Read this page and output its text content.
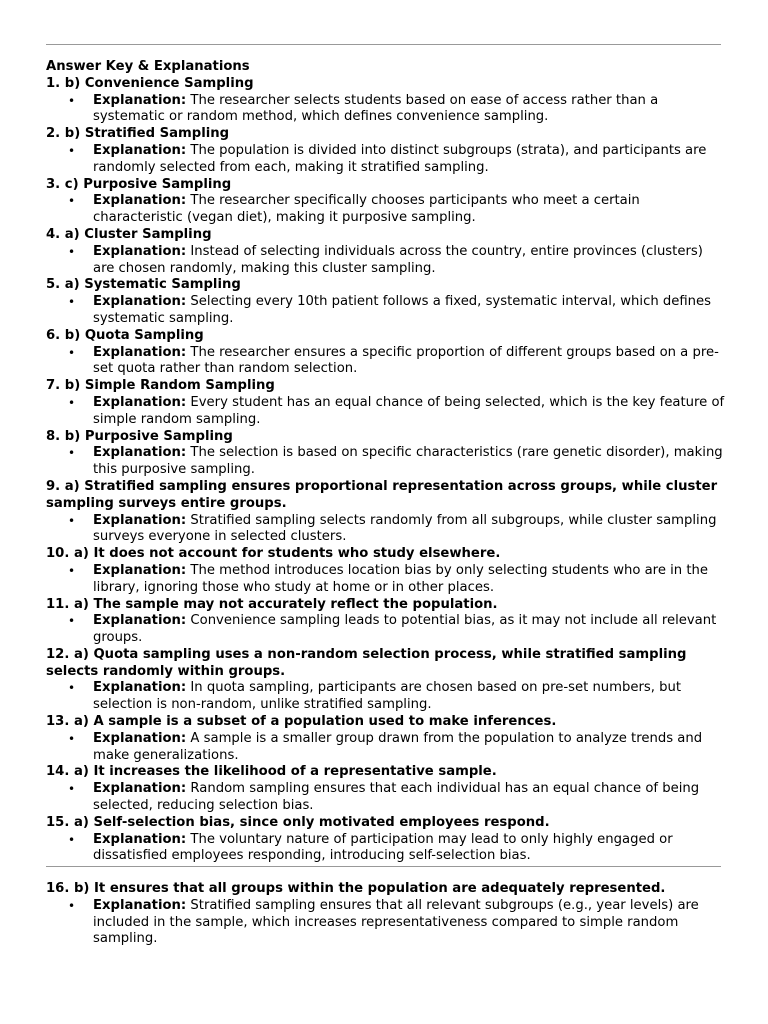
Answer Key & Explanations
1. b) Convenience Sampling
• Explanation: The researcher selects students based on ease of access rather than a systematic or random method, which defines convenience sampling.
2. b) Stratified Sampling
• Explanation: The population is divided into distinct subgroups (strata), and participants are randomly selected from each, making it stratified sampling.
3. c) Purposive Sampling
• Explanation: The researcher specifically chooses participants who meet a certain characteristic (vegan diet), making it purposive sampling.
4. a) Cluster Sampling
• Explanation: Instead of selecting individuals across the country, entire provinces (clusters) are chosen randomly, making this cluster sampling.
5. a) Systematic Sampling
• Explanation: Selecting every 10th patient follows a fixed, systematic interval, which defines systematic sampling.
6. b) Quota Sampling
• Explanation: The researcher ensures a specific proportion of different groups based on a pre-set quota rather than random selection.
7. b) Simple Random Sampling
• Explanation: Every student has an equal chance of being selected, which is the key feature of simple random sampling.
8. b) Purposive Sampling
• Explanation: The selection is based on specific characteristics (rare genetic disorder), making this purposive sampling.
9. a) Stratified sampling ensures proportional representation across groups, while cluster sampling surveys entire groups.
• Explanation: Stratified sampling selects randomly from all subgroups, while cluster sampling surveys everyone in selected clusters.
10. a) It does not account for students who study elsewhere.
• Explanation: The method introduces location bias by only selecting students who are in the library, ignoring those who study at home or in other places.
11. a) The sample may not accurately reflect the population.
• Explanation: Convenience sampling leads to potential bias, as it may not include all relevant groups.
12. a) Quota sampling uses a non-random selection process, while stratified sampling selects randomly within groups.
• Explanation: In quota sampling, participants are chosen based on pre-set numbers, but selection is non-random, unlike stratified sampling.
13. a) A sample is a subset of a population used to make inferences.
• Explanation: A sample is a smaller group drawn from the population to analyze trends and make generalizations.
14. a) It increases the likelihood of a representative sample.
• Explanation: Random sampling ensures that each individual has an equal chance of being selected, reducing selection bias.
15. a) Self-selection bias, since only motivated employees respond.
• Explanation: The voluntary nature of participation may lead to only highly engaged or dissatisfied employees responding, introducing self-selection bias.
16. b) It ensures that all groups within the population are adequately represented.
• Explanation: Stratified sampling ensures that all relevant subgroups (e.g., year levels) are included in the sample, which increases representativeness compared to simple random sampling.
